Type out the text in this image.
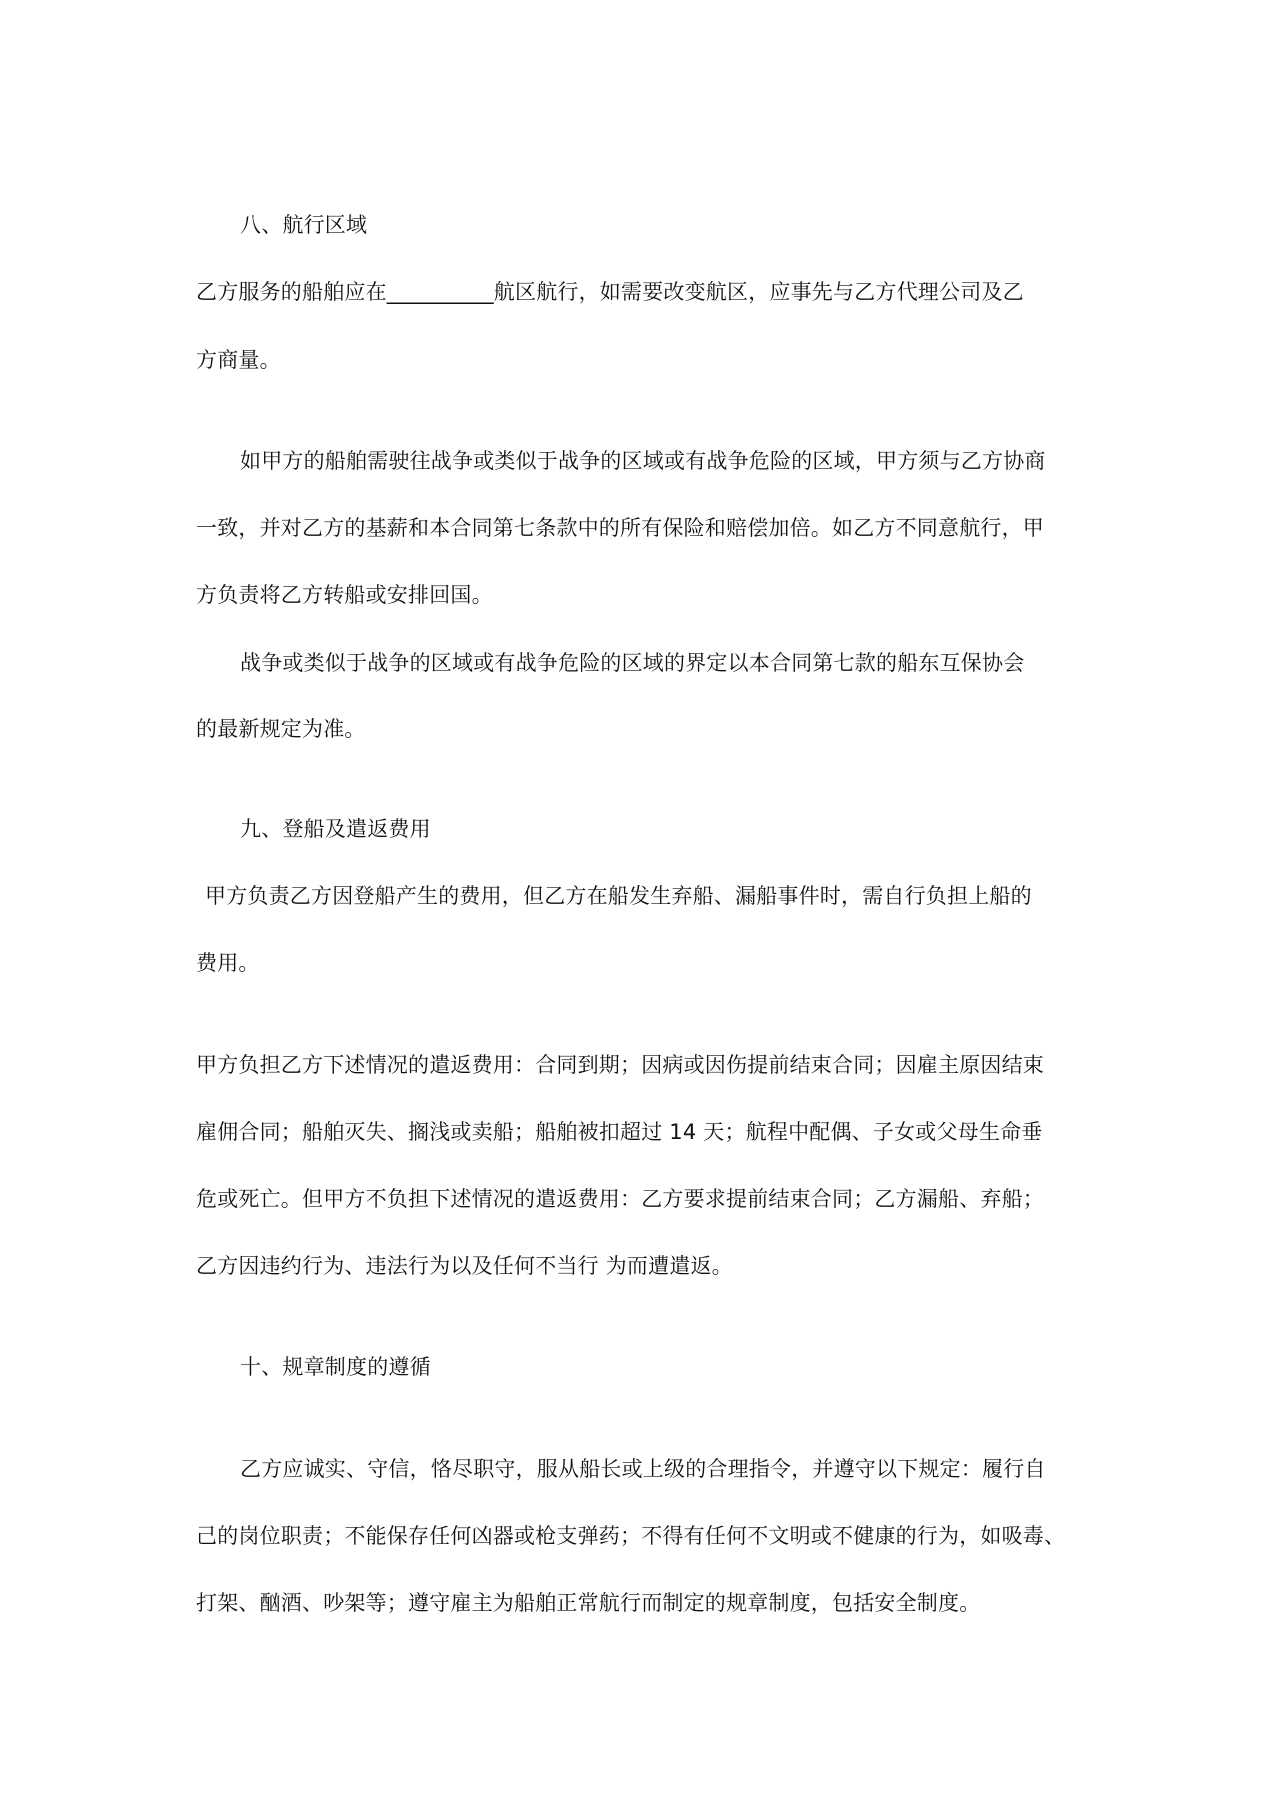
八、航行区域
乙方服务的船舶应在__________航区航行，如需要改变航区，应事先与乙方代理公司及乙
方商量。
如甲方的船舶需驶往战争或类似于战争的区域或有战争危险的区域，甲方须与乙方协商
一致，并对乙方的基薪和本合同第七条款中的所有保险和赔偿加倍。如乙方不同意航行，甲
方负责将乙方转船或安排回国。
战争或类似于战争的区域或有战争危险的区域的界定以本合同第七款的船东互保协会
的最新规定为准。
九、登船及遣返费用
甲方负责乙方因登船产生的费用，但乙方在船发生弃船、漏船事件时，需自行负担上船的
费用。
甲方负担乙方下述情况的遣返费用：合同到期；因病或因伤提前结束合同；因雇主原因结束
雇佣合同；船舶灭失、搁浅或卖船；船舶被扣超过 14 天；航程中配偶、子女或父母生命垂
危或死亡。但甲方不负担下述情况的遣返费用：乙方要求提前结束合同；乙方漏船、弃船；
乙方因违约行为、违法行为以及任何不当行 为而遭遣返。
十、规章制度的遵循
乙方应诚实、守信，恪尽职守，服从船长或上级的合理指令，并遵守以下规定：履行自
己的岗位职责；不能保存任何凶器或枪支弹药；不得有任何不文明或不健康的行为，如吸毒、
打架、酗酒、吵架等；遵守雇主为船舶正常航行而制定的规章制度，包括安全制度。
